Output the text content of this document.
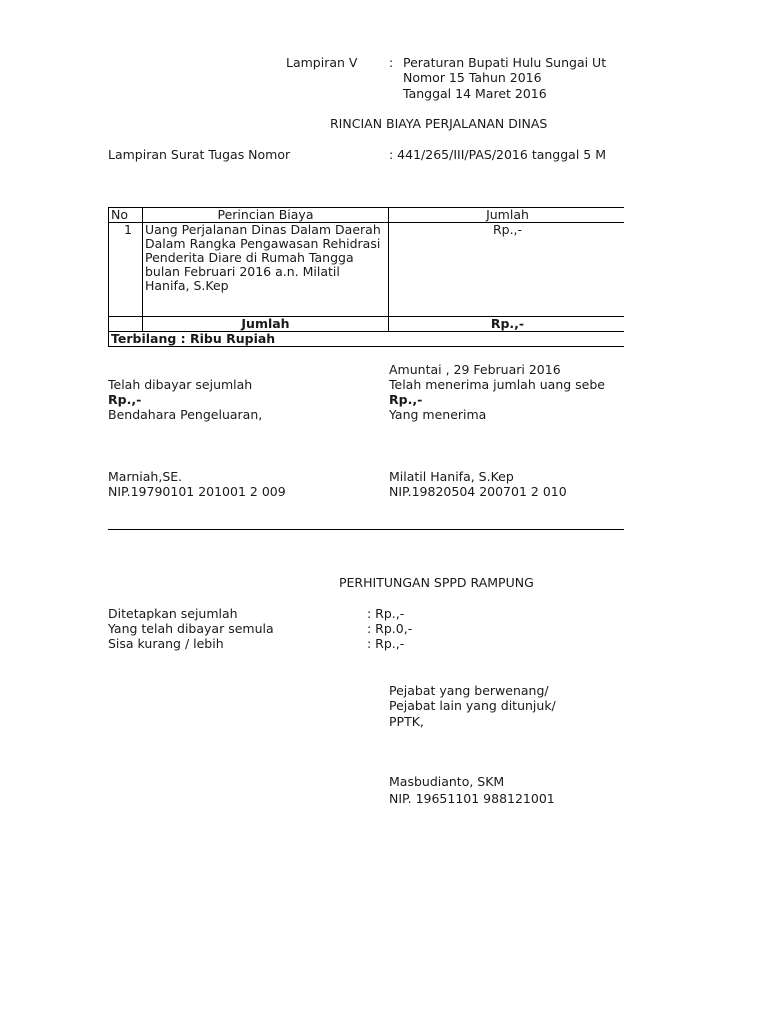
Lampiran V	: Peraturan Bupati Hulu Sungai Ut
Nomor 15 Tahun 2016
Tanggal 14 Maret 2016
RINCIAN BIAYA PERJALANAN DINAS
Lampiran Surat Tugas Nomor	: 441/265/III/PAS/2016 tanggal 5 M
No	Perincian Biaya	Jumlah
1	Uang Perjalanan Dinas Dalam Daerah Dalam Rangka Pengawasan Rehidrasi Penderita Diare di Rumah Tangga bulan Februari 2016 a.n. Milatil Hanifa, S.Kep	Rp.,-
	Jumlah	Rp.,-
Terbilang : Ribu Rupiah		
Amuntai , 29 Februari 2016
Telah dibayar sejumlah
Rp.,-
Bendahara Pengeluaran,
Marniah,SE.
NIP.19790101 201001 2 009
Telah menerima jumlah uang sebe
Rp.,-
Yang menerima
Milatil Hanifa, S.Kep
NIP.19820504 200701 2 010
PERHITUNGAN SPPD RAMPUNG
Ditetapkan sejumlah	: Rp.,-
Yang telah dibayar semula	: Rp.0,-
Sisa kurang / lebih	: Rp.,-
Pejabat yang berwenang/
Pejabat lain yang ditunjuk/
PPTK,
Masbudianto, SKM
NIP. 19651101 988121001
